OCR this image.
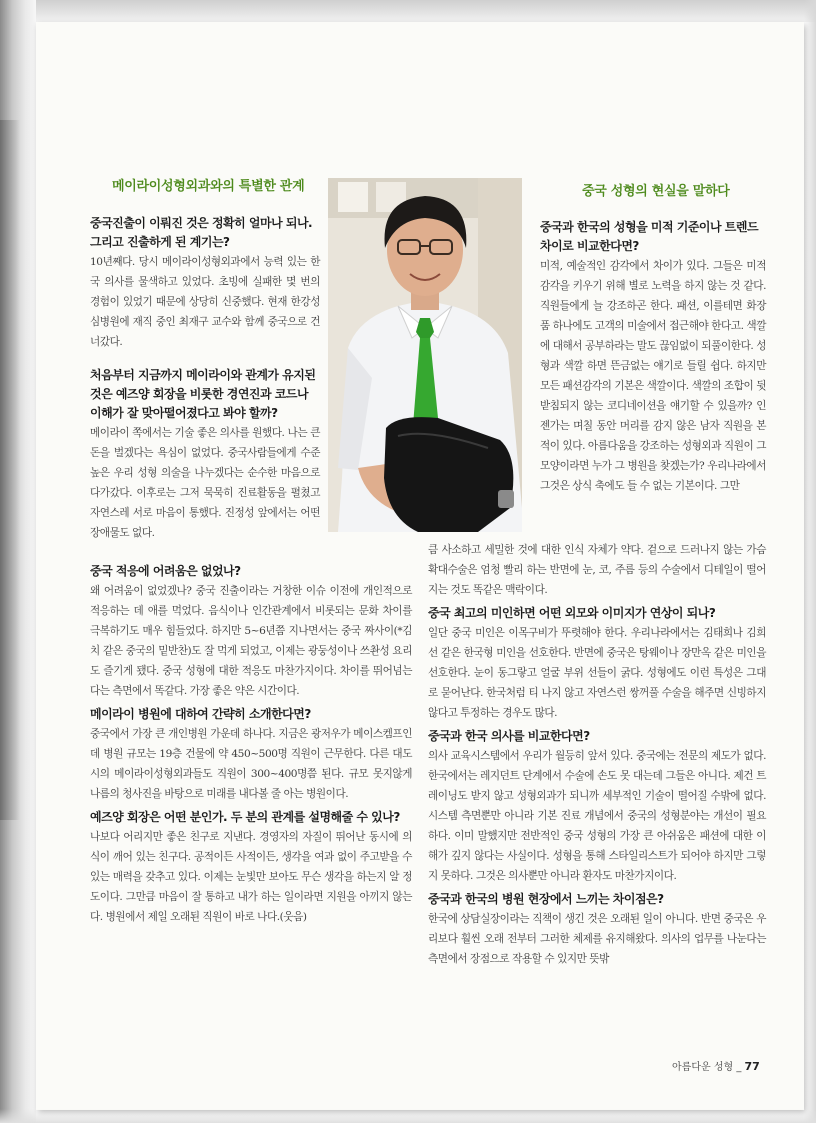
메이라이성형외과와의 특별한 관계	중국 성형의 현실을 말하다

중국진출이 이뤄진 것은 정확히 얼마나 되나. 그리고 진출하게 된 계기는?

10년째다. 당시 메이라이성형외과에서 능력 있는 한국 의사를 물색하고 있었다. 초빙에 실패한 몇 번의 경험이 있었기 때문에 상당히 신중했다. 현재 한강성심병원에 재직 중인 최재구 교수와 함께 중국으로 건너갔다.

처음부터 지금까지 메이라이와 관계가 유지된 것은 예즈양 회장을 비롯한 경연진과 코드나 이해가 잘 맞아떨어졌다고 봐야 할까?

메이라이 쪽에서는 기술 좋은 의사를 원했다. 나는 큰돈을 벌겠다는 욕심이 없었다. 중국사람들에게 수준 높은 우리 성형 의술을 나누겠다는 순수한 마음으로 다가갔다. 이후로는 그저 묵묵히 진료활동을 펼쳤고 자연스레 서로 마음이 통했다. 진정성 앞에서는 어떤 장애물도 없다.

중국 적응에 어려움은 없었나?

왜 어려움이 없었겠나? 중국 진출이라는 거창한 이슈 이전에 개인적으로 적응하는 데 애를 먹었다. 음식이나 인간관계에서 비롯되는 문화 차이를 극복하기도 매우 힘들었다. 하지만 5~6년쯤 지나면서는 중국 짜사이(*김치 같은 중국의 밑반찬)도 잘 먹게 되었고, 이제는 광둥성이나 쓰촨성 요리도 즐기게 됐다. 중국 성형에 대한 적응도 마찬가지이다. 차이를 뛰어넘는다는 측면에서 똑같다. 가장 좋은 약은 시간이다.

메이라이 병원에 대하여 간략히 소개한다면?

중국에서 가장 큰 개인병원 가운데 하나다. 지금은 광저우가 메이스켐프인데 병원 규모는 19층 건물에 약 450~500명 직원이 근무한다. 다른 대도시의 메이라이성형외과들도 직원이 300~400명쯤 된다. 규모 못지않게 나름의 청사진을 바탕으로 미래를 내다볼 줄 아는 병원이다.

예즈양 회장은 어떤 분인가. 두 분의 관계를 설명해줄 수 있나?

나보다 어리지만 좋은 친구로 지낸다. 경영자의 자질이 뛰어난 동시에 의식이 깨어 있는 친구다. 공적이든 사적이든, 생각을 여과 없이 주고받을 수 있는 매력을 갖추고 있다. 이제는 눈빛만 보아도 무슨 생각을 하는지 알 정도이다. 그만큼 마음이 잘 통하고 내가 하는 일이라면 지원을 아끼지 않는다. 병원에서 제일 오래된 직원이 바로 나다.(웃음)

중국과 한국의 성형을 미적 기준이나 트렌드 차이로 비교한다면?

미적, 예술적인 감각에서 차이가 있다. 그들은 미적 감각을 키우기 위해 별로 노력을 하지 않는 것 같다. 직원들에게 늘 강조하곤 한다. 패션, 이를테면 화장품 하나에도 고객의 미술에서 접근해야 한다고. 색깔에 대해서 공부하라는 말도 끊임없이 되풀이한다. 성형과 색깔 하면 뜬금없는 얘기로 들릴 쉽다. 하지만 모든 패션감각의 기본은 색깔이다. 색깔의 조합이 뒷받침되지 않는 코디네이션을 얘기할 수 있을까? 인젠가는 며칠 동안 머리를 감지 않은 남자 직원을 본 적이 있다. 아름다움을 강조하는 성형외과 직원이 그 모양이라면 누가 그 병원을 찾겠는가? 우리나라에서 그것은 상식 축에도 들 수 없는 기본이다. 그만

큼 사소하고 세밀한 것에 대한 인식 자체가 약다. 겉으로 드러나지 않는 가슴 확대수술은 엄청 빨리 하는 반면에 눈, 코, 주름 등의 수술에서 디테일이 떨어지는 것도 똑같은 맥락이다.

중국 최고의 미인하면 어떤 외모와 이미지가 연상이 되나?

일단 중국 미인은 이목구비가 뚜렷해야 한다. 우리나라에서는 김태희나 김희선 같은 한국형 미인을 선호한다. 반면에 중국은 탕웨이나 장만옥 같은 미인을 선호한다. 눈이 동그랗고 얼굴 부위 선들이 굵다. 성형에도 이런 특성은 그대로 묻어난다. 한국처럼 티 나지 않고 자연스런 쌍꺼풀 수술을 해주면 신빙하지 않다고 투정하는 경우도 많다.

중국과 한국 의사를 비교한다면?

의사 교육시스템에서 우리가 월등히 앞서 있다. 중국에는 전문의 제도가 없다. 한국에서는 레지던트 단계에서 수술에 손도 못 대는데 그들은 아니다. 제건 트레이닝도 받지 않고 성형외과가 되니까 세부적인 기술이 떨어질 수밖에 없다. 시스템 측면뿐만 아니라 기본 진료 개념에서 중국의 성형분야는 개선이 필요하다. 이미 말했지만 전반적인 중국 성형의 가장 큰 아쉬움은 패션에 대한 이해가 깊지 않다는 사실이다. 성형을 통해 스타일리스트가 되어야 하지만 그렇지 못하다. 그것은 의사뿐만 아니라 환자도 마찬가지이다.

중국과 한국의 병원 현장에서 느끼는 차이점은?

한국에 상담실장이라는 직책이 생긴 것은 오래된 일이 아니다. 반면 중국은 우리보다 훨씬 오래 전부터 그러한 체제를 유지해왔다. 의사의 업무를 나눈다는 측면에서 장점으로 작용할 수 있지만 뜻밖

아름다운 성형 _ 77
